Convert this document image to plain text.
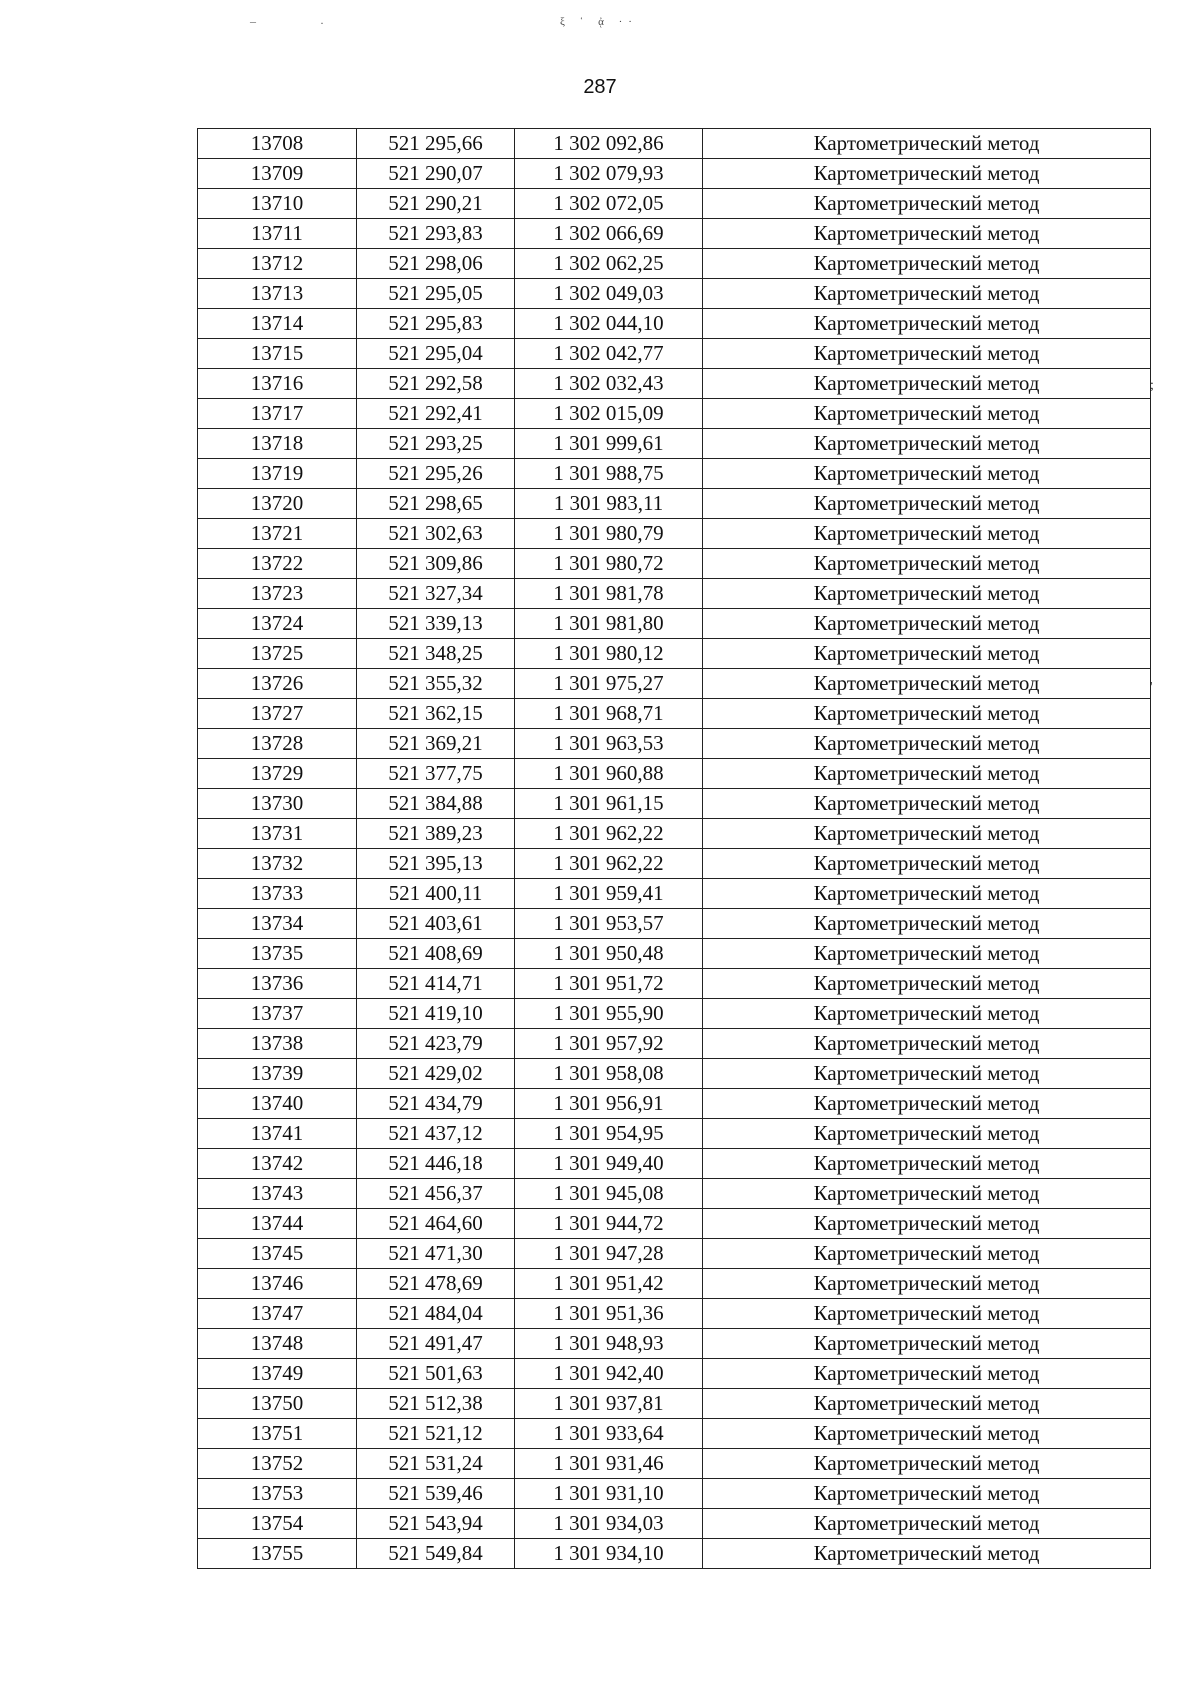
–	·	ξ ῾ ᾀ ··
287
;
'
13708	521 295,66	1 302 092,86	Картометрический метод
13709	521 290,07	1 302 079,93	Картометрический метод
13710	521 290,21	1 302 072,05	Картометрический метод
13711	521 293,83	1 302 066,69	Картометрический метод
13712	521 298,06	1 302 062,25	Картометрический метод
13713	521 295,05	1 302 049,03	Картометрический метод
13714	521 295,83	1 302 044,10	Картометрический метод
13715	521 295,04	1 302 042,77	Картометрический метод
13716	521 292,58	1 302 032,43	Картометрический метод
13717	521 292,41	1 302 015,09	Картометрический метод
13718	521 293,25	1 301 999,61	Картометрический метод
13719	521 295,26	1 301 988,75	Картометрический метод
13720	521 298,65	1 301 983,11	Картометрический метод
13721	521 302,63	1 301 980,79	Картометрический метод
13722	521 309,86	1 301 980,72	Картометрический метод
13723	521 327,34	1 301 981,78	Картометрический метод
13724	521 339,13	1 301 981,80	Картометрический метод
13725	521 348,25	1 301 980,12	Картометрический метод
13726	521 355,32	1 301 975,27	Картометрический метод
13727	521 362,15	1 301 968,71	Картометрический метод
13728	521 369,21	1 301 963,53	Картометрический метод
13729	521 377,75	1 301 960,88	Картометрический метод
13730	521 384,88	1 301 961,15	Картометрический метод
13731	521 389,23	1 301 962,22	Картометрический метод
13732	521 395,13	1 301 962,22	Картометрический метод
13733	521 400,11	1 301 959,41	Картометрический метод
13734	521 403,61	1 301 953,57	Картометрический метод
13735	521 408,69	1 301 950,48	Картометрический метод
13736	521 414,71	1 301 951,72	Картометрический метод
13737	521 419,10	1 301 955,90	Картометрический метод
13738	521 423,79	1 301 957,92	Картометрический метод
13739	521 429,02	1 301 958,08	Картометрический метод
13740	521 434,79	1 301 956,91	Картометрический метод
13741	521 437,12	1 301 954,95	Картометрический метод
13742	521 446,18	1 301 949,40	Картометрический метод
13743	521 456,37	1 301 945,08	Картометрический метод
13744	521 464,60	1 301 944,72	Картометрический метод
13745	521 471,30	1 301 947,28	Картометрический метод
13746	521 478,69	1 301 951,42	Картометрический метод
13747	521 484,04	1 301 951,36	Картометрический метод
13748	521 491,47	1 301 948,93	Картометрический метод
13749	521 501,63	1 301 942,40	Картометрический метод
13750	521 512,38	1 301 937,81	Картометрический метод
13751	521 521,12	1 301 933,64	Картометрический метод
13752	521 531,24	1 301 931,46	Картометрический метод
13753	521 539,46	1 301 931,10	Картометрический метод
13754	521 543,94	1 301 934,03	Картометрический метод
13755	521 549,84	1 301 934,10	Картометрический метод
